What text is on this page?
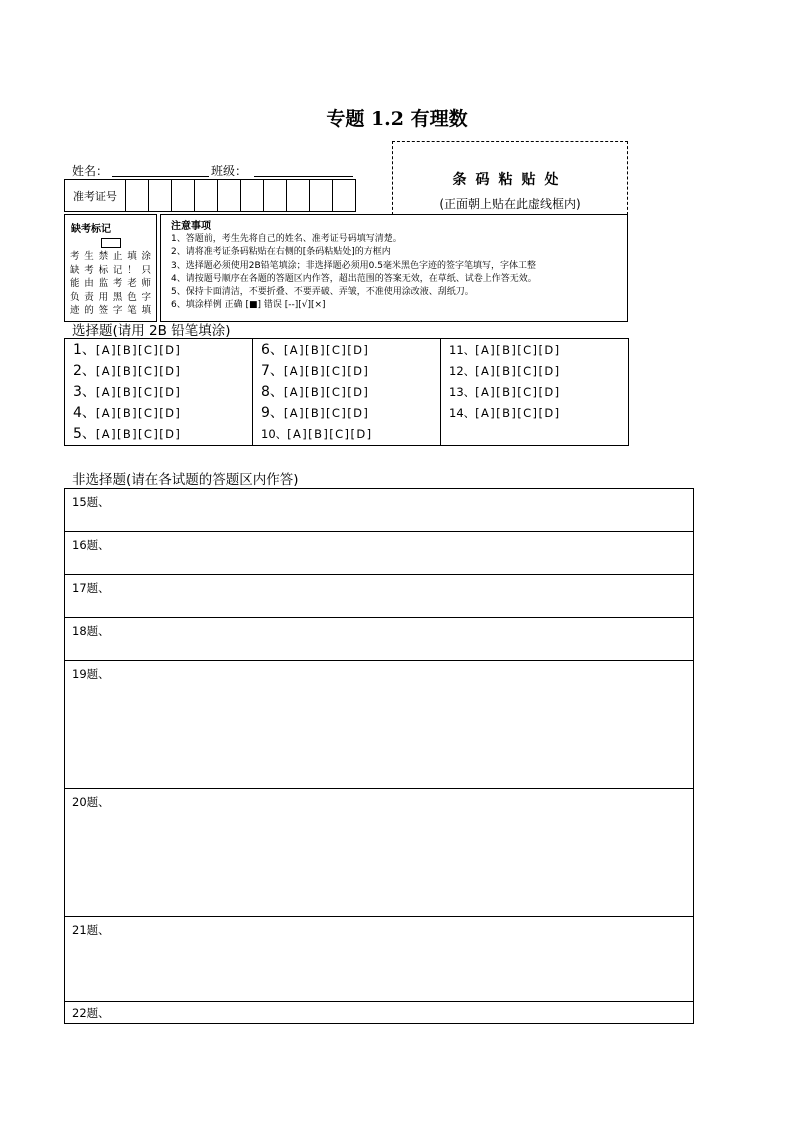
专题 1.2 有理数
姓名：	班级：
准考证号
条码粘贴处
(正面朝上贴在此虚线框内)
缺考标记
考生禁止填涂
缺考标记！只
能由监考老师
负责用黑色字
迹的签字笔填
注意事项
1、答题前，考生先将自己的姓名、准考证号码填写清楚。
2、请将准考证条码粘贴在右侧的[条码粘贴处]的方框内
3、选择题必须使用2B铅笔填涂；非选择题必须用0.5毫米黑色字迹的签字笔填写，字体工整
4、请按题号顺序在各题的答题区内作答，超出范围的答案无效，在草纸、试卷上作答无效。
5、保持卡面清洁，不要折叠、不要弄破、弄皱，不准使用涂改液、刮纸刀。
6、填涂样例 正确 [■] 错误 [--][√][×]
选择题(请用 2B 铅笔填涂)
1、[A][B][C][D]
2、[A][B][C][D]
3、[A][B][C][D]
4、[A][B][C][D]
5、[A][B][C][D]
6、[A][B][C][D]
7、[A][B][C][D]
8、[A][B][C][D]
9、[A][B][C][D]
10、[A][B][C][D]
11、[A][B][C][D]
12、[A][B][C][D]
13、[A][B][C][D]
14、[A][B][C][D]
非选择题(请在各试题的答题区内作答)
15题、
16题、
17题、
18题、
19题、
20题、
21题、
22题、
